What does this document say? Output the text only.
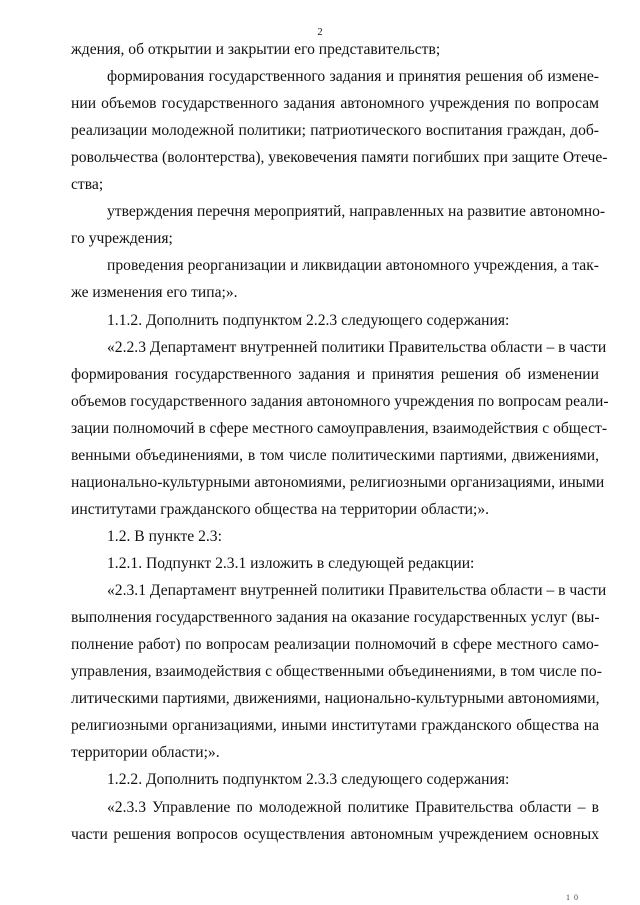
2
ждения, об открытии и закрытии его представительств;
формирования государственного задания и принятия решения об измене-
нии объемов государственного задания автономного учреждения по вопросам
реализации молодежной политики; патриотического воспитания граждан, доб-
ровольчества (волонтерства), увековечения памяти погибших при защите Отече-
ства;
утверждения перечня мероприятий, направленных на развитие автономно-
го учреждения;
проведения реорганизации и ликвидации автономного учреждения, а так-
же изменения его типа;».
1.1.2. Дополнить подпунктом 2.2.3 следующего содержания:
«2.2.3 Департамент внутренней политики Правительства области – в части
формирования государственного задания и принятия решения об изменении
объемов государственного задания автономного учреждения по вопросам реали-
зации полномочий в сфере местного самоуправления, взаимодействия с общест-
венными объединениями, в том числе политическими партиями, движениями,
национально-культурными автономиями, религиозными организациями, иными
институтами гражданского общества на территории области;».
1.2. В пункте 2.3:
1.2.1. Подпункт 2.3.1 изложить в следующей редакции:
«2.3.1 Департамент внутренней политики Правительства области – в части
выполнения государственного задания на оказание государственных услуг (вы-
полнение работ) по вопросам реализации полномочий в сфере местного само-
управления, взаимодействия с общественными объединениями, в том числе по-
литическими партиями, движениями, национально-культурными автономиями,
религиозными организациями, иными институтами гражданского общества на
территории области;».
1.2.2. Дополнить подпунктом 2.3.3 следующего содержания:
«2.3.3 Управление по молодежной политике Правительства области – в
части решения вопросов осуществления автономным учреждением основных
1 0
